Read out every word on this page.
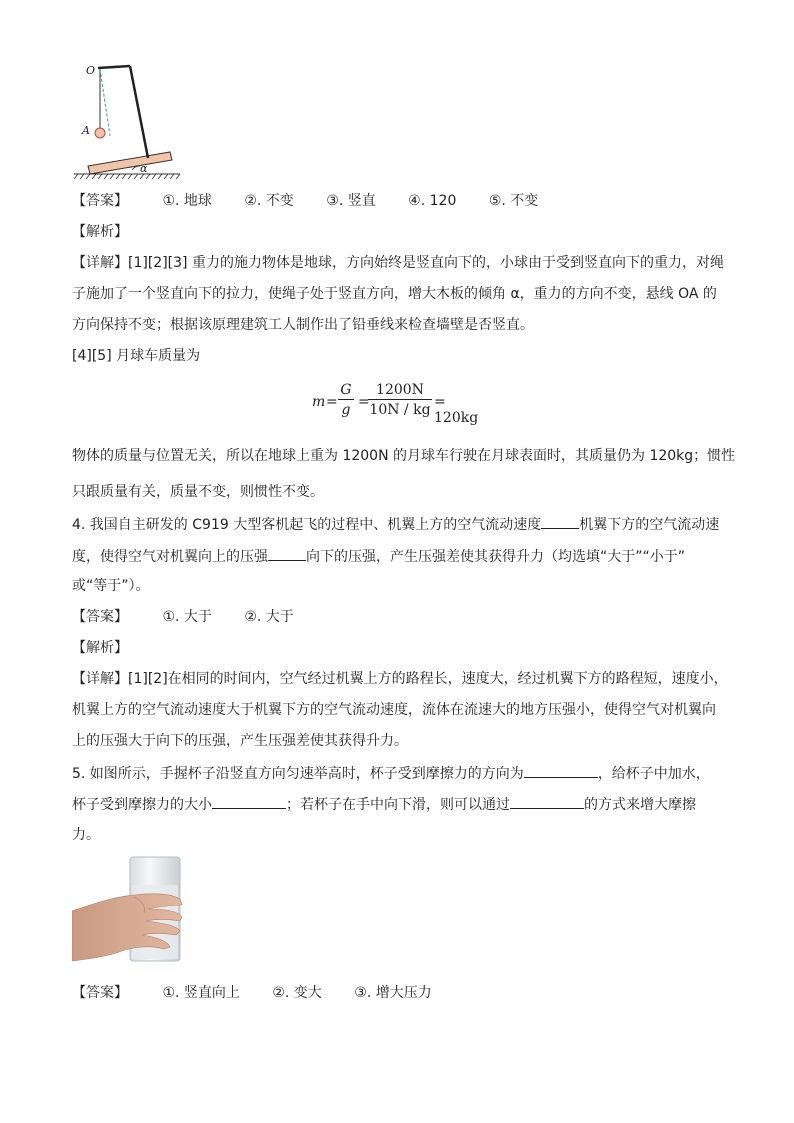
O
A
α
【答案】 ①. 地球 ②. 不变 ③. 竖直 ④. 120 ⑤. 不变
【解析】
【详解】[1][2][3] 重力的施力物体是地球，方向始终是竖直向下的，小球由于受到竖直向下的重力，对绳
子施加了一个竖直向下的拉力，使绳子处于竖直方向，增大木板的倾角 α，重力的方向不变，悬线 OA 的
方向保持不变；根据该原理建筑工人制作出了铅垂线来检查墙壁是否竖直。
[4][5] 月球车质量为
$m = \frac{G}{g}$ =
$\frac{1200N}{10N / kg} = 120kg$
物体的质量与位置无关，所以在地球上重为 1200N 的月球车行驶在月球表面时，其质量仍为 120kg；惯性
只跟质量有关，质量不变，则惯性不变。
4. 我国自主研发的 C919 大型客机起飞的过程中、机翼上方的空气流动速度	机翼下方的空气流动速
度，使得空气对机翼向上的压强	向下的压强，产生压强差使其获得升力（均选填“大于”“小于”
或“等于”）。
【答案】 ①. 大于 ②. 大于
【解析】
【详解】[1][2]在相同的时间内，空气经过机翼上方的路程长，速度大，经过机翼下方的路程短，速度小，
机翼上方的空气流动速度大于机翼下方的空气流动速度，流体在流速大的地方压强小，使得空气对机翼向
上的压强大于向下的压强，产生压强差使其获得升力。
5. 如图所示，手握杯子沿竖直方向匀速举高时，杯子受到摩擦力的方向为	，给杯子中加水，
杯子受到摩擦力的大小	；若杯子在手中向下滑，则可以通过	的方式来增大摩擦
力。
【答案】 ①. 竖直向上 ②. 变大 ③. 增大压力
